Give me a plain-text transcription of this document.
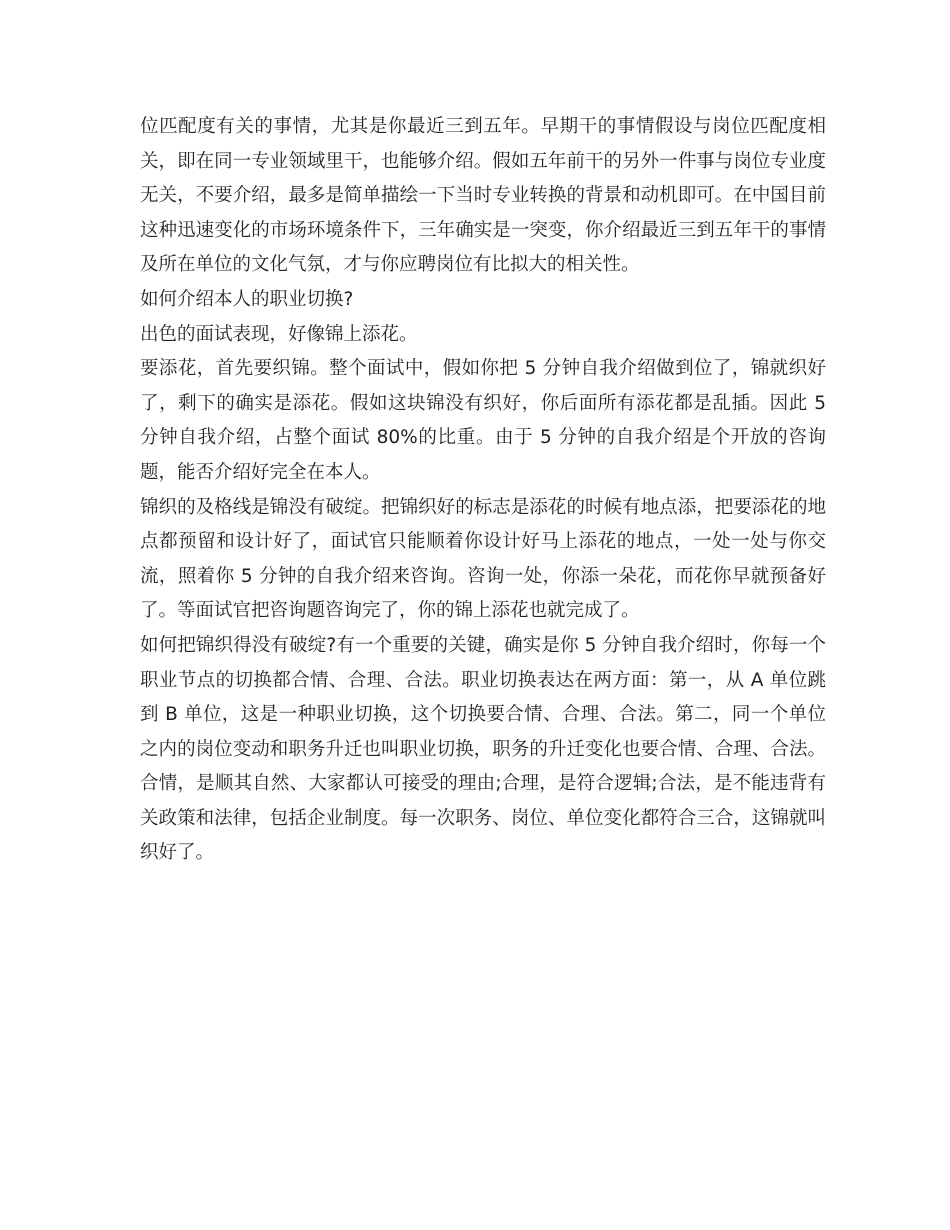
位匹配度有关的事情，尤其是你最近三到五年。早期干的事情假设与岗位匹配度相关，即在同一专业领域里干，也能够介绍。假如五年前干的另外一件事与岗位专业度无关，不要介绍，最多是简单描绘一下当时专业转换的背景和动机即可。在中国目前这种迅速变化的市场环境条件下，三年确实是一突变，你介绍最近三到五年干的事情及所在单位的文化气氛，才与你应聘岗位有比拟大的相关性。

如何介绍本人的职业切换?

出色的面试表现，好像锦上添花。

要添花，首先要织锦。整个面试中，假如你把 5 分钟自我介绍做到位了，锦就织好了，剩下的确实是添花。假如这块锦没有织好，你后面所有添花都是乱插。因此 5 分钟自我介绍，占整个面试 80%的比重。由于 5 分钟的自我介绍是个开放的咨询题，能否介绍好完全在本人。

锦织的及格线是锦没有破绽。把锦织好的标志是添花的时候有地点添，把要添花的地点都预留和设计好了，面试官只能顺着你设计好马上添花的地点，一处一处与你交流，照着你 5 分钟的自我介绍来咨询。咨询一处，你添一朵花，而花你早就预备好了。等面试官把咨询题咨询完了，你的锦上添花也就完成了。

如何把锦织得没有破绽?有一个重要的关键，确实是你 5 分钟自我介绍时，你每一个职业节点的切换都合情、合理、合法。职业切换表达在两方面：第一，从 A 单位跳到 B 单位，这是一种职业切换，这个切换要合情、合理、合法。第二，同一个单位之内的岗位变动和职务升迁也叫职业切换，职务的升迁变化也要合情、合理、合法。合情，是顺其自然、大家都认可接受的理由;合理，是符合逻辑;合法，是不能违背有关政策和法律，包括企业制度。每一次职务、岗位、单位变化都符合三合，这锦就叫织好了。
